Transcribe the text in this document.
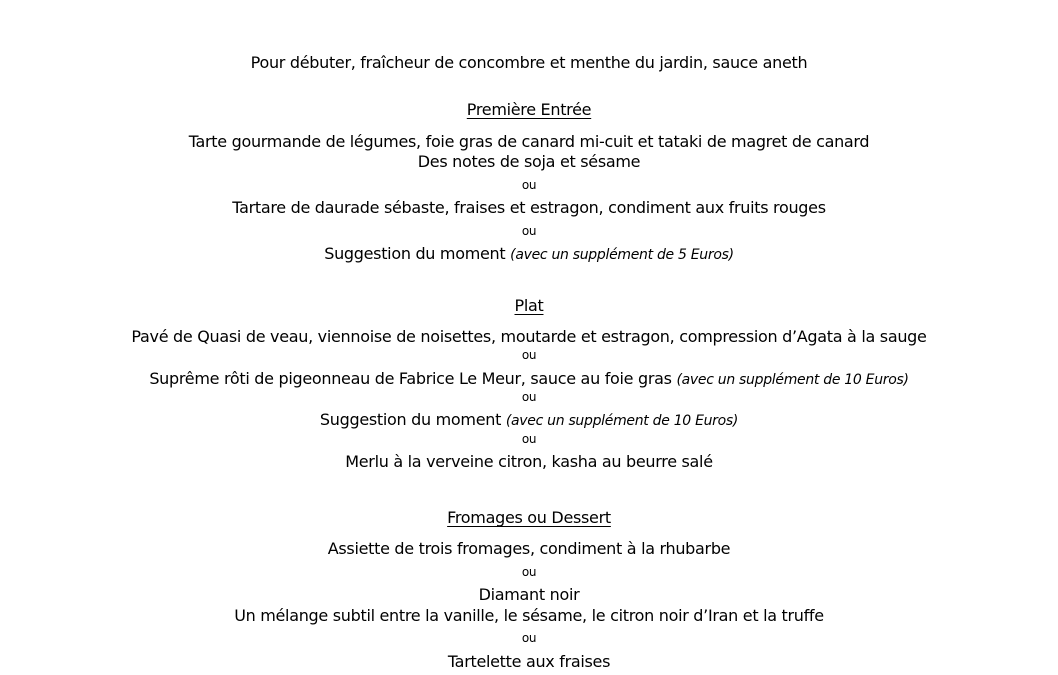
Pour débuter, fraîcheur de concombre et menthe du jardin, sauce aneth
Première Entrée
Tarte gourmande de légumes, foie gras de canard mi-cuit et tataki de magret de canard
Des notes de soja et sésame
ou
Tartare de daurade sébaste, fraises et estragon, condiment aux fruits rouges
ou
Suggestion du moment (avec un supplément de 5 Euros)
Plat
Pavé de Quasi de veau, viennoise de noisettes, moutarde et estragon, compression d’Agata à la sauge
ou
Suprême rôti de pigeonneau de Fabrice Le Meur, sauce au foie gras (avec un supplément de 10 Euros)
ou
Suggestion du moment (avec un supplément de 10 Euros)
ou
Merlu à la verveine citron, kasha au beurre salé
Fromages ou Dessert
Assiette de trois fromages, condiment à la rhubarbe
ou
Diamant noir
Un mélange subtil entre la vanille, le sésame, le citron noir d’Iran et la truffe
ou
Tartelette aux fraises
